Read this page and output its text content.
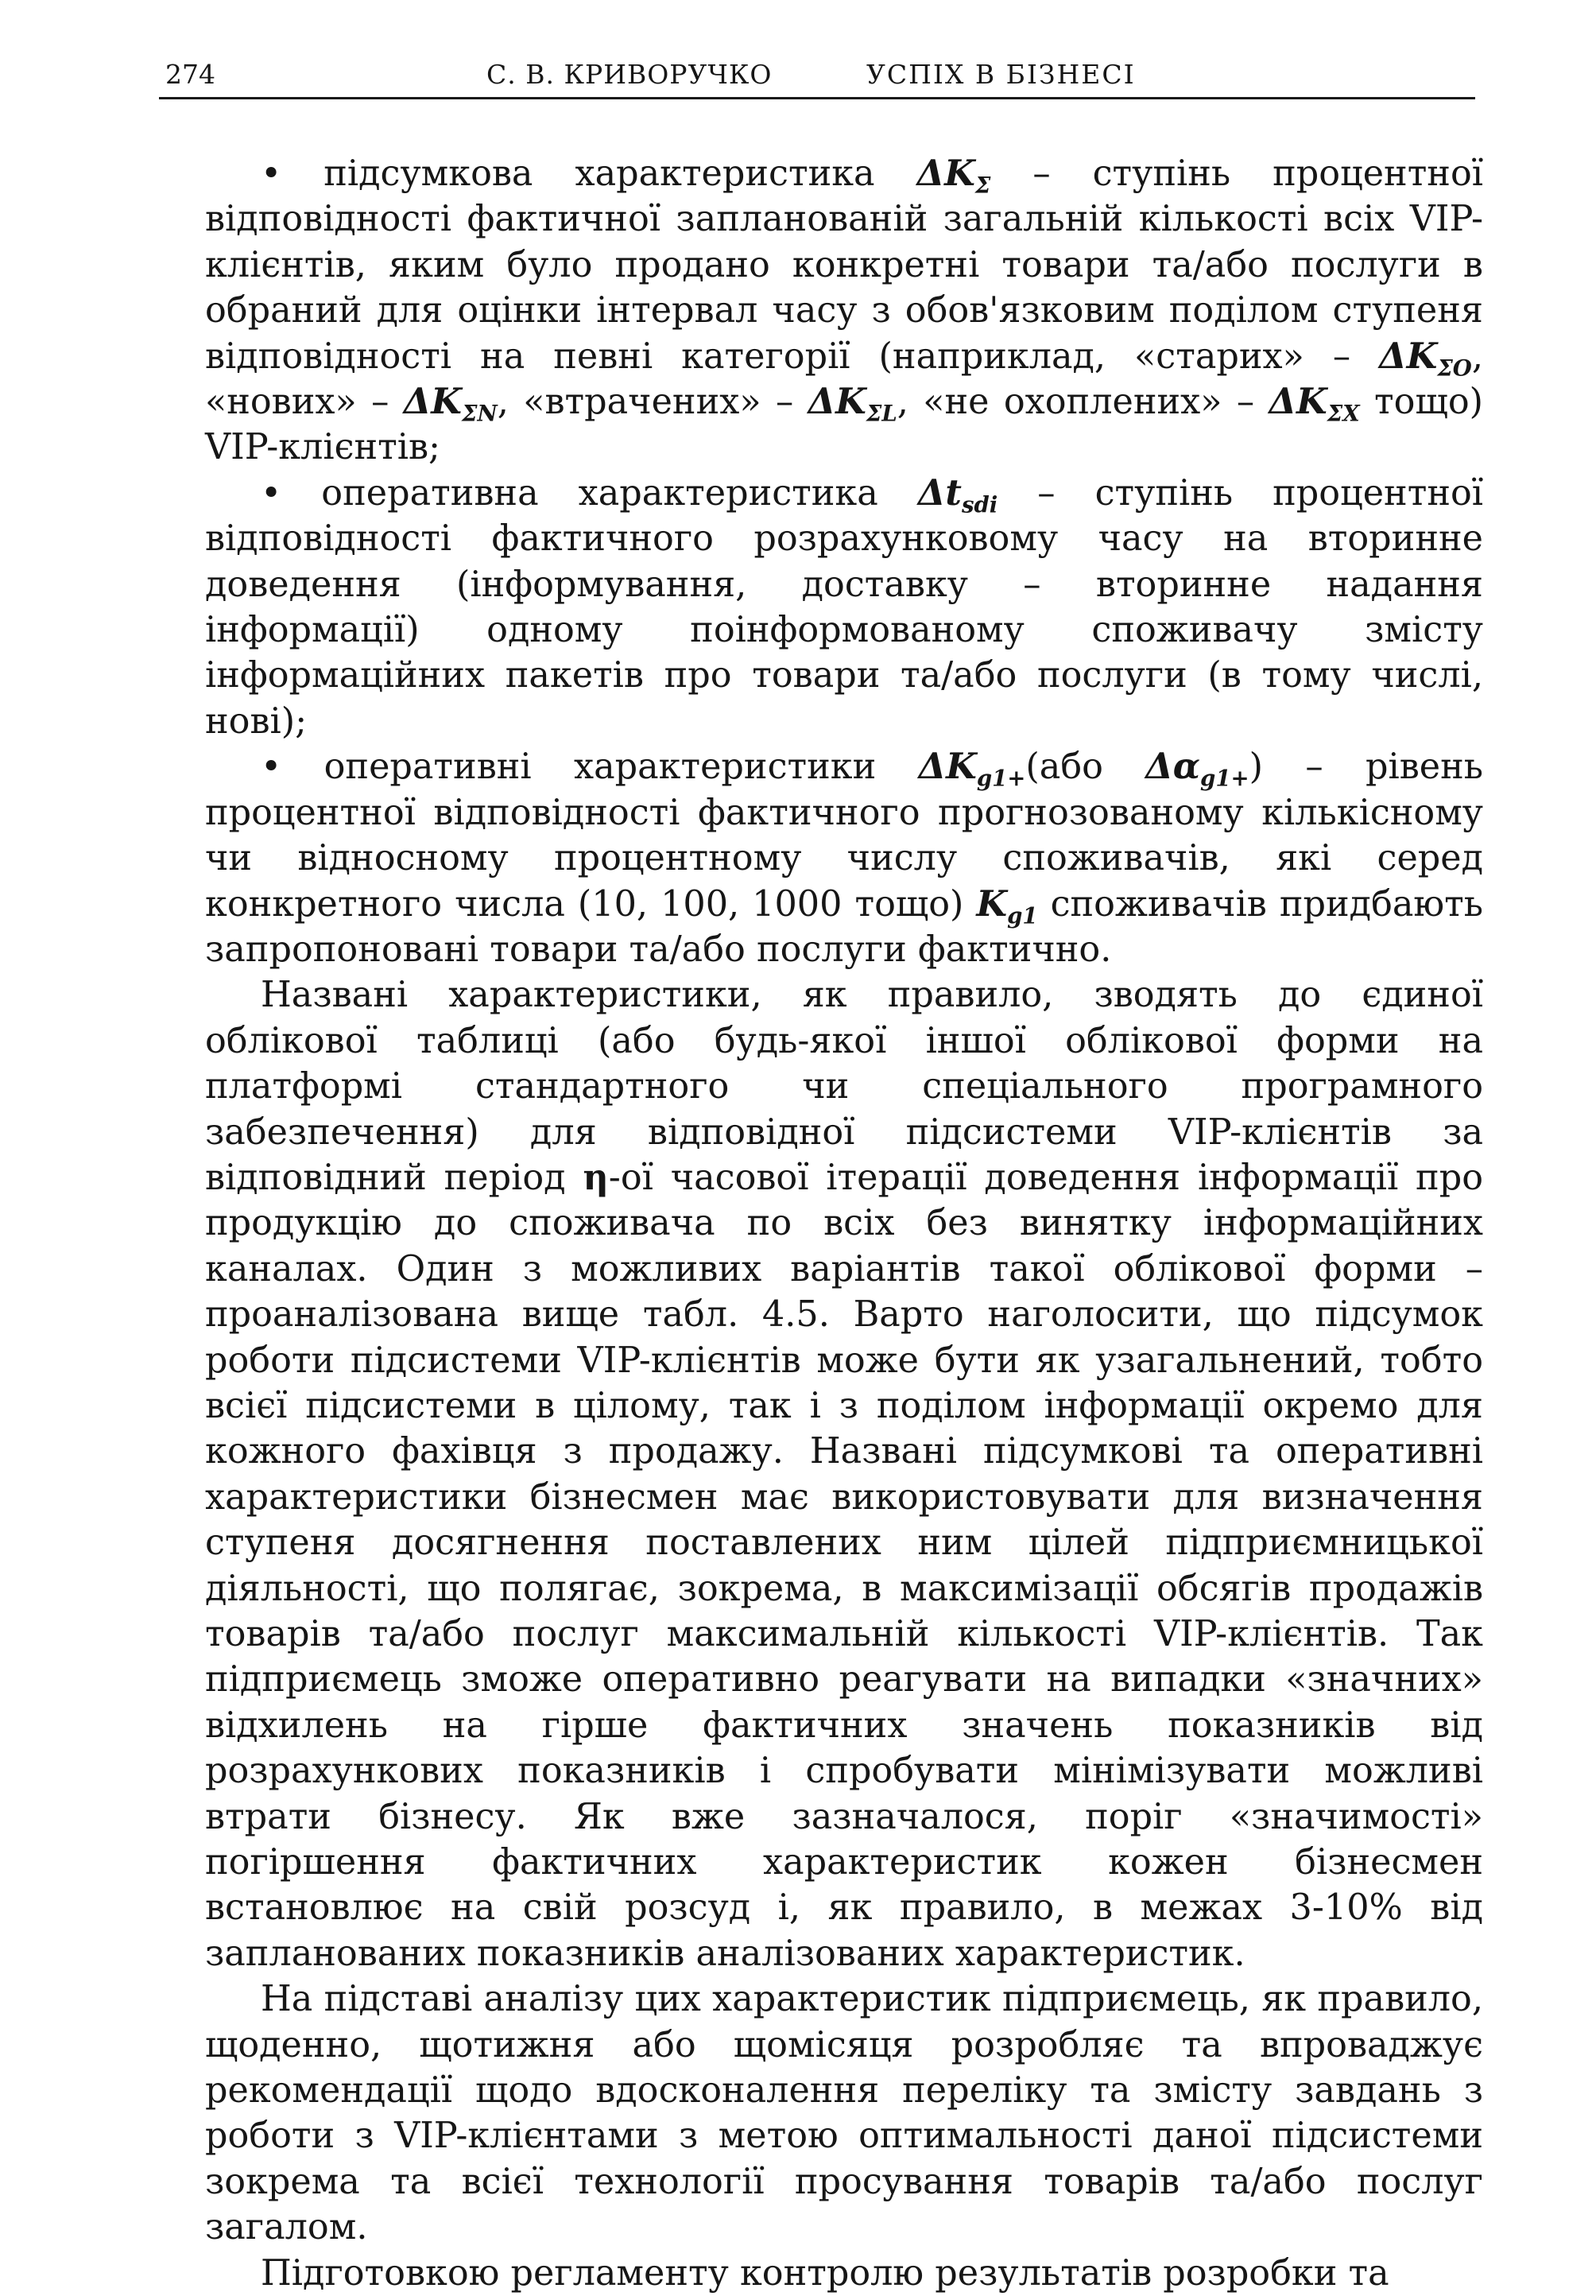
274	С. В. КРИВОРУЧКО	УСПІХ В БІЗНЕСІ

• підсумкова характеристика $\Delta K_\Sigma$ – ступінь процентної відповідності фактичної запланованій загальній кількості всіх VIP-клієнтів, яким було продано конкретні товари та/або послуги в обраний для оцінки інтервал часу з обов'язковим поділом ступеня відповідності на певні категорії (наприклад, «старих» – $\Delta K_{\Sigma O}$, «нових» – $\Delta K_{\Sigma N}$, «втрачених» – $\Delta K_{\Sigma L}$, «не охоплених» – $\Delta K_{\Sigma X}$ тощо) VIP-клієнтів;

• оперативна характеристика $\Delta t_{sdi}$ – ступінь процентної відповідності фактичного розрахунковому часу на вторинне доведення (інформування, доставку – вторинне надання інформації) одному поінформованому споживачу змісту інформаційних пакетів про товари та/або послуги (в тому числі, нові);

• оперативні характеристики $\Delta K_{g1+}(або$ $\Delta\alpha_{g1+}$) – рівень процентної відповідності фактичного прогнозованому кількісному чи відносному процентному числу споживачів, які серед конкретного числа (10, 100, 1000 тощо) $K_{g1}$ споживачів придбають запропоновані товари та/або послуги фактично.

Названі характеристики, як правило, зводять до єдиної облікової таблиці (або будь-якої іншої облікової форми на платформі стандартного чи спеціального програмного забезпечення) для відповідної підсистеми VIP-клієнтів за відповідний період η-ої часової ітерації доведення інформації про продукцію до споживача по всіх без винятку інформаційних каналах. Один з можливих варіантів такої облікової форми – проаналізована вище табл. 4.5. Варто наголосити, що підсумок роботи підсистеми VIP-клієнтів може бути як узагальнений, тобто всієї підсистеми в цілому, так і з поділом інформації окремо для кожного фахівця з продажу. Названі підсумкові та оперативні характеристики бізнесмен має використовувати для визначення ступеня досягнення поставлених ним цілей підприємницької діяльності, що полягає, зокрема, в максимізації обсягів продажів товарів та/або послуг максимальній кількості VIP-клієнтів. Так підприємець зможе оперативно реагувати на випадки «значних» відхилень на гірше фактичних значень показників від розрахункових показників і спробувати мінімізувати можливі втрати бізнесу. Як вже зазначалося, поріг «значимості» погіршення фактичних характеристик кожен бізнесмен встановлює на свій розсуд і, як правило, в межах 3-10% від запланованих показників аналізованих характеристик.

На підставі аналізу цих характеристик підприємець, як правило, щоденно, щотижня або щомісяця розробляє та впроваджує рекомендації щодо вдосконалення переліку та змісту завдань з роботи з VIP-клієнтами з метою оптимальності даної підсистеми зокрема та всієї технології просування товарів та/або послуг загалом.

Підготовкою регламенту контролю результатів розробки та
